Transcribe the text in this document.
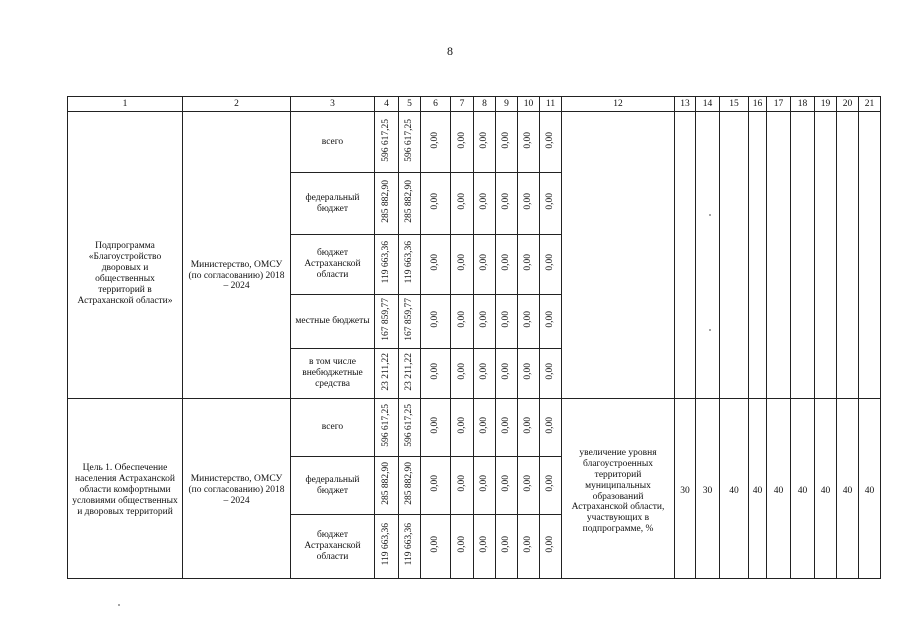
8
1	2	3	4	5	6	7	8	9	10	11	12	13	14	15	16	17	18	19	20	21

Подпрограмма «Благоустройство дворовых и общественных территорий в Астраханской области»	Министерство, ОМСУ (по согласованию) 2018 – 2024	всего	596 617,25	596 617,25	0,00	0,00	0,00	0,00	0,00	0,00										

		федеральный бюджет	285 882,90	285 882,90	0,00	0,00	0,00	0,00	0,00	0,00										

		бюджет Астраханской области	119 663,36	119 663,36	0,00	0,00	0,00	0,00	0,00	0,00										

		местные бюджеты	167 859,77	167 859,77	0,00	0,00	0,00	0,00	0,00	0,00										

		в том числе внебюджетные средства	23 211,22	23 211,22	0,00	0,00	0,00	0,00	0,00	0,00										

Цель 1. Обеспечение населения Астраханской области комфортными условиями общественных и дворовых территорий	Министерство, ОМСУ (по согласованию) 2018 – 2024	всего	596 617,25	596 617,25	0,00	0,00	0,00	0,00	0,00	0,00	увеличение уровня благоустроенных территорий муниципальных образований Астраханской области, участвующих в подпрограмме, %	30	30	40	40	40	40	40	40	40

		федеральный бюджет	285 882,90	285 882,90	0,00	0,00	0,00	0,00	0,00	0,00										

		бюджет Астраханской области	119 663,36	119 663,36	0,00	0,00	0,00	0,00	0,00	0,00										
